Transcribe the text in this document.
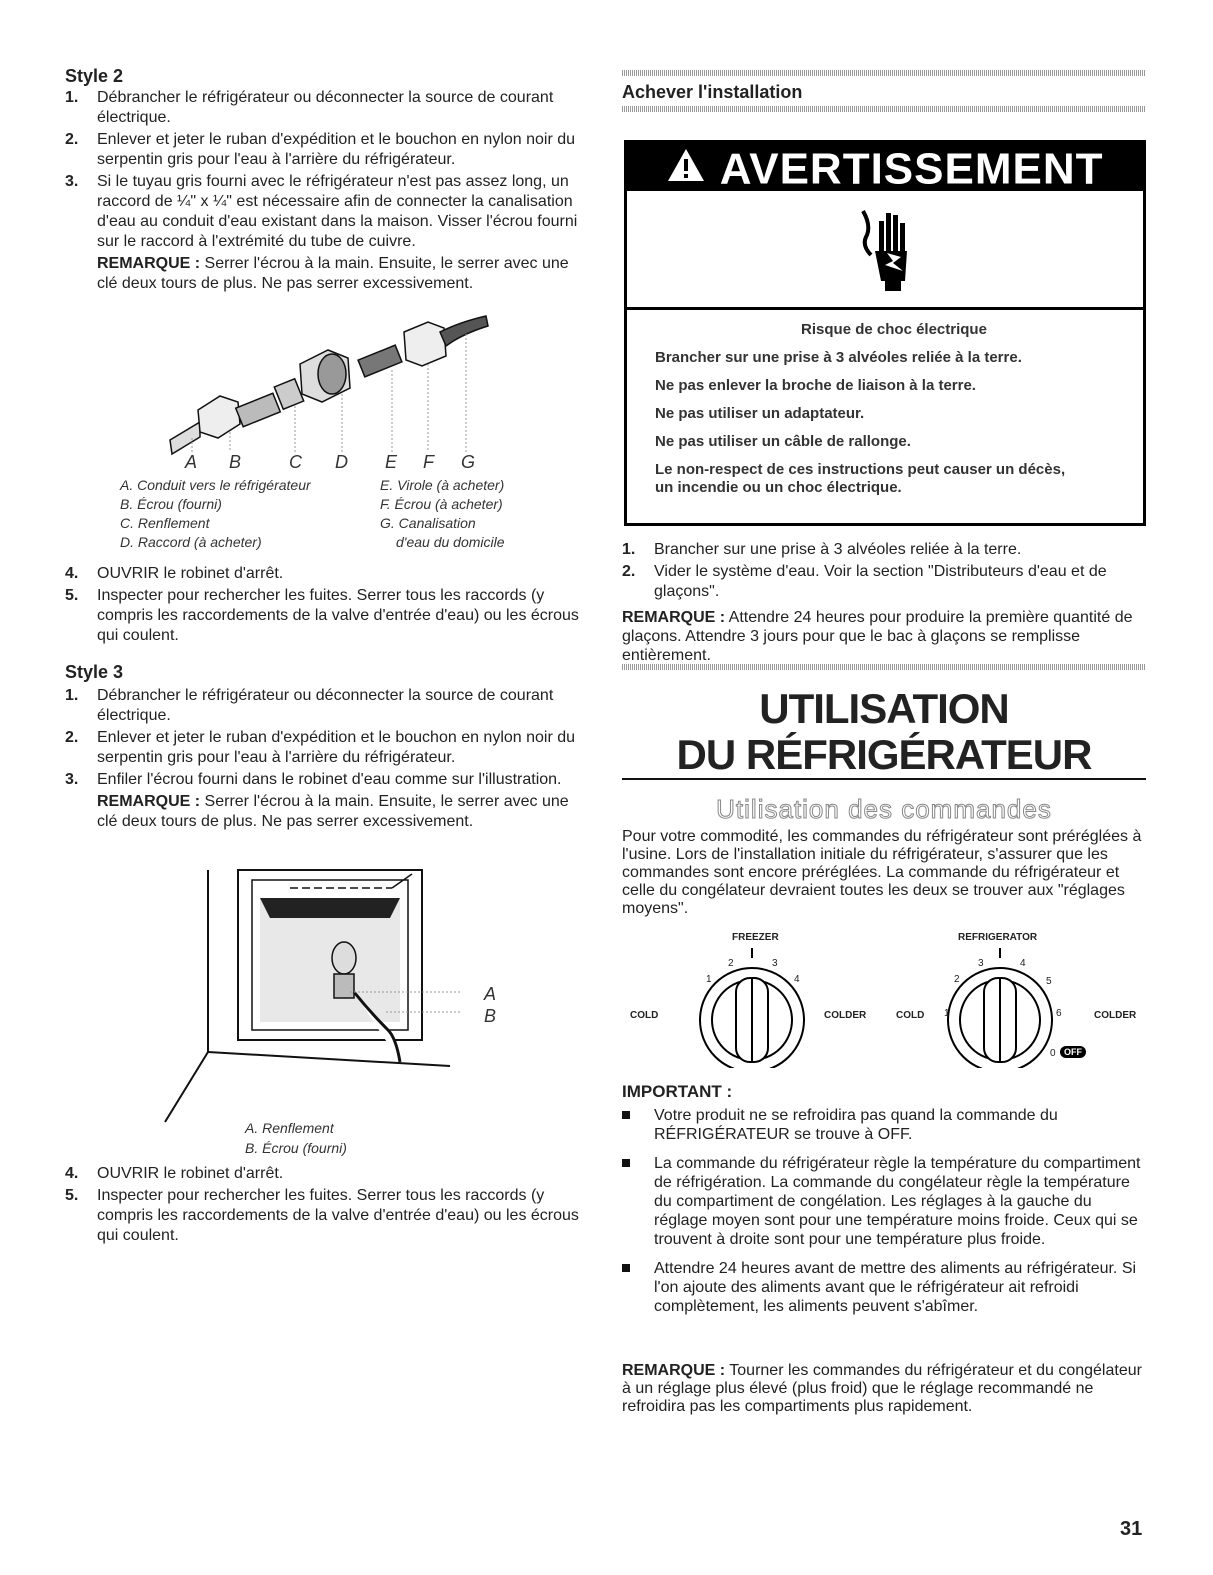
Style 2
1. Débrancher le réfrigérateur ou déconnecter la source de courant électrique.
2. Enlever et jeter le ruban d'expédition et le bouchon en nylon noir du serpentin gris pour l'eau à l'arrière du réfrigérateur.
3. Si le tuyau gris fourni avec le réfrigérateur n'est pas assez long, un raccord de ¼" x ¼" est nécessaire afin de connecter la canalisation d'eau au conduit d'eau existant dans la maison. Visser l'écrou fourni sur le raccord à l'extrémité du tube de cuivre.
REMARQUE : Serrer l'écrou à la main. Ensuite, le serrer avec une clé deux tours de plus. Ne pas serrer excessivement.
A B	C D E F G
A. Conduit vers le réfrigérateur
B. Écrou (fourni)
C. Renflement
D. Raccord (à acheter)
E. Virole (à acheter)
F. Écrou (à acheter)
G. Canalisation
d'eau du domicile
4. OUVRIR le robinet d'arrêt.
5. Inspecter pour rechercher les fuites. Serrer tous les raccords (y compris les raccordements de la valve d'entrée d'eau) ou les écrous qui coulent.
Style 3
1. Débrancher le réfrigérateur ou déconnecter la source de courant électrique.
2. Enlever et jeter le ruban d'expédition et le bouchon en nylon noir du serpentin gris pour l'eau à l'arrière du réfrigérateur.
3. Enfiler l'écrou fourni dans le robinet d'eau comme sur l'illustration.
REMARQUE : Serrer l'écrou à la main. Ensuite, le serrer avec une clé deux tours de plus. Ne pas serrer excessivement.
A
B
A. Renflement
B. Écrou (fourni)
4. OUVRIR le robinet d'arrêt.
5. Inspecter pour rechercher les fuites. Serrer tous les raccords (y compris les raccordements de la valve d'entrée d'eau) ou les écrous qui coulent.
Achever l'installation
AVERTISSEMENT

Risque de choc électrique

Brancher sur une prise à 3 alvéoles reliée à la terre.

Ne pas enlever la broche de liaison à la terre.

Ne pas utiliser un adaptateur.

Ne pas utiliser un câble de rallonge.

Le non-respect de ces instructions peut causer un décès, un incendie ou un choc électrique.

1. Brancher sur une prise à 3 alvéoles reliée à la terre.
2. Vider le système d'eau. Voir la section "Distributeurs d'eau et de glaçons".
REMARQUE : Attendre 24 heures pour produire la première quantité de glaçons. Attendre 3 jours pour que le bac à glaçons se remplisse entièrement.
UTILISATION
DU RÉFRIGÉRATEUR
Utilisation des commandes
Pour votre commodité, les commandes du réfrigérateur sont préréglées à l'usine. Lors de l'installation initiale du réfrigérateur, s'assurer que les commandes sont encore préréglées. La commande du réfrigérateur et celle du congélateur devraient toutes les deux se trouver aux "réglages moyens".
FREEZER	REFRIGERATOR
COLD	COLDER	COLD	COLDER
1
2	3
4
1
2
3	4
5
6
0 OFF
IMPORTANT :
Votre produit ne se refroidira pas quand la commande du RÉFRIGÉRATEUR se trouve à OFF.
La commande du réfrigérateur règle la température du compartiment de réfrigération. La commande du congélateur règle la température du compartiment de congélation. Les réglages à la gauche du réglage moyen sont pour une température moins froide. Ceux qui se trouvent à droite sont pour une température plus froide.
Attendre 24 heures avant de mettre des aliments au réfrigérateur. Si l'on ajoute des aliments avant que le réfrigérateur ait refroidi complètement, les aliments peuvent s'abîmer.
REMARQUE : Tourner les commandes du réfrigérateur et du congélateur à un réglage plus élevé (plus froid) que le réglage recommandé ne refroidira pas les compartiments plus rapidement.
31
